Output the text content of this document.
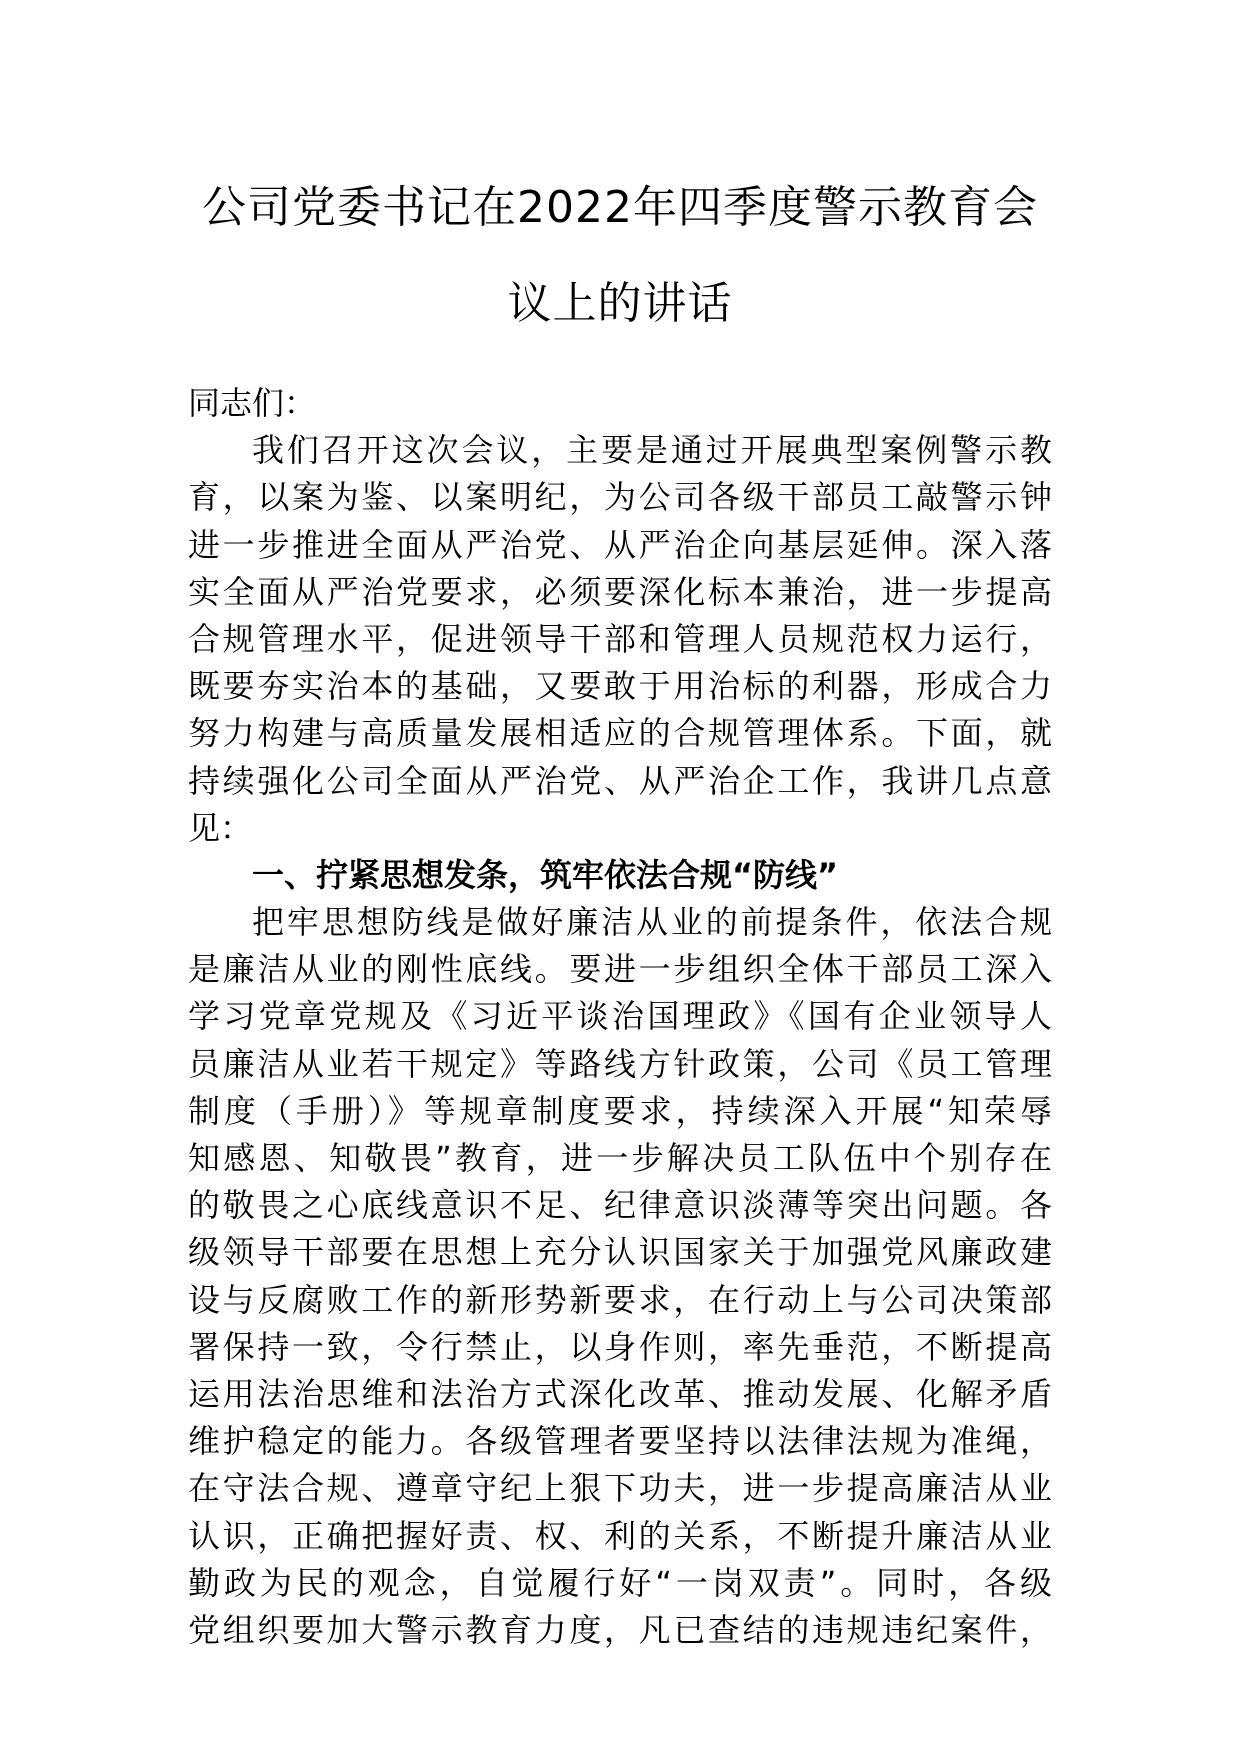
公司党委书记在2022年四季度警示教育会
议上的讲话
同志们：
我们召开这次会议，主要是通过开展典型案例警示教
育，以案为鉴、以案明纪，为公司各级干部员工敲警示钟
进一步推进全面从严治党、从严治企向基层延伸。深入落
实全面从严治党要求，必须要深化标本兼治，进一步提高
合规管理水平，促进领导干部和管理人员规范权力运行，
既要夯实治本的基础，又要敢于用治标的利器，形成合力
努力构建与高质量发展相适应的合规管理体系。下面，就
持续强化公司全面从严治党、从严治企工作，我讲几点意
见：
一、拧紧思想发条，筑牢依法合规“防线”
把牢思想防线是做好廉洁从业的前提条件，依法合规
是廉洁从业的刚性底线。要进一步组织全体干部员工深入
学习党章党规及《习近平谈治国理政》《国有企业领导人
员廉洁从业若干规定》等路线方针政策，公司《员工管理
制度（手册）》等规章制度要求，持续深入开展“知荣辱
知感恩、知敬畏”教育，进一步解决员工队伍中个别存在
的敬畏之心底线意识不足、纪律意识淡薄等突出问题。各
级领导干部要在思想上充分认识国家关于加强党风廉政建
设与反腐败工作的新形势新要求，在行动上与公司决策部
署保持一致，令行禁止，以身作则，率先垂范，不断提高
运用法治思维和法治方式深化改革、推动发展、化解矛盾
维护稳定的能力。各级管理者要坚持以法律法规为准绳，
在守法合规、遵章守纪上狠下功夫，进一步提高廉洁从业
认识，正确把握好责、权、利的关系，不断提升廉洁从业
勤政为民的观念，自觉履行好“一岗双责”。同时，各级
党组织要加大警示教育力度，凡已查结的违规违纪案件，
